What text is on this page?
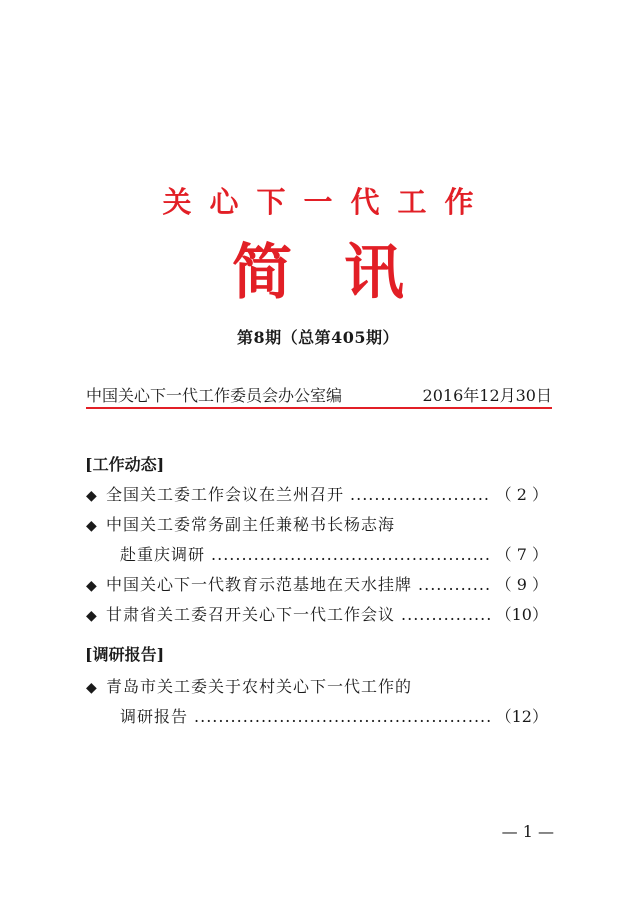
关心下一代工作
简讯
第8期（总第405期）
中国关心下一代工作委员会办公室编	2016年12月30日
[工作动态]
◆ 全国关工委工作会议在兰州召开 .....	（ 2 ）
◆ 中国关工委常务副主任兼秘书长杨志海
赴重庆调研 .....	（ 7 ）
◆ 中国关心下一代教育示范基地在天水挂牌 .....	（ 9 ）
◆ 甘肃省关工委召开关心下一代工作会议 .....	（10）
[调研报告]
◆ 青岛市关工委关于农村关心下一代工作的
调研报告 .....	（12）
— 1 —
